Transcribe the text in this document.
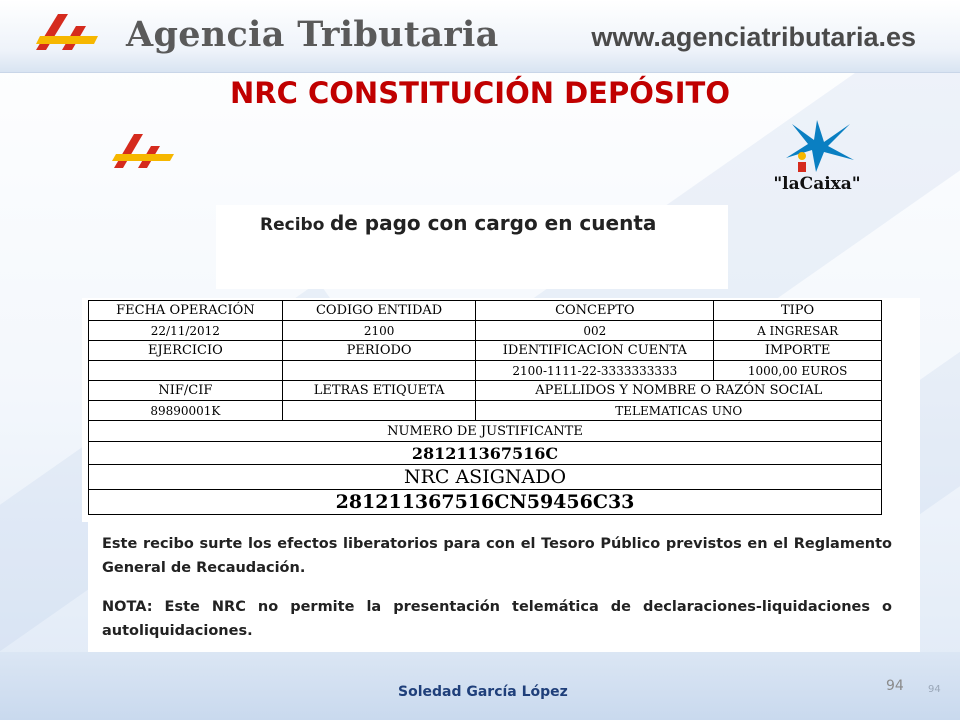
Agencia Tributaria	www.agenciatributaria.es
NRC CONSTITUCIÓN DEPÓSITO
"laCaixa"
Recibo de pago con cargo en cuenta
FECHA OPERACIÓN	CODIGO ENTIDAD	CONCEPTO	TIPO
22/11/2012	2100	002	A INGRESAR
EJERCICIO	PERIODO	IDENTIFICACION CUENTA	IMPORTE
		2100-1111-22-3333333333	1000,00 EUROS
NIF/CIF	LETRAS ETIQUETA	APELLIDOS Y NOMBRE O RAZÓN SOCIAL	
89890001K		TELEMATICAS UNO	
NUMERO DE JUSTIFICANTE			
281211367516C			
NRC ASIGNADO			
281211367516CN59456C33			

Este recibo surte los efectos liberatorios para con el Tesoro Público previstos en el Reglamento General de Recaudación.

NOTA: Este NRC no permite la presentación telemática de declaraciones-liquidaciones o autoliquidaciones.

Soledad García López	94 94
